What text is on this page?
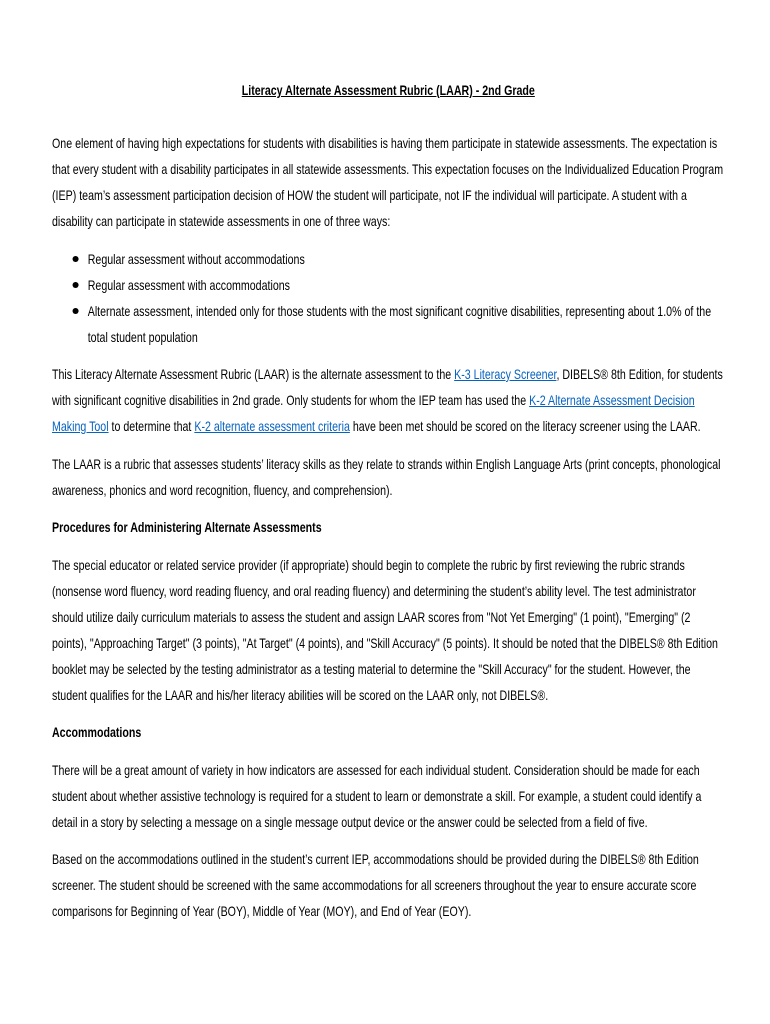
Literacy Alternate Assessment Rubric (LAAR) - 2nd Grade

One element of having high expectations for students with disabilities is having them participate in statewide assessments. The expectation is that every student with a disability participates in all statewide assessments. This expectation focuses on the Individualized Education Program (IEP) team’s assessment participation decision of HOW the student will participate, not IF the individual will participate. A student with a disability can participate in statewide assessments in one of three ways:

Regular assessment without accommodations
Regular assessment with accommodations
Alternate assessment, intended only for those students with the most significant cognitive disabilities, representing about 1.0% of the total student population

This Literacy Alternate Assessment Rubric (LAAR) is the alternate assessment to the K-3 Literacy Screener, DIBELS® 8th Edition, for students with significant cognitive disabilities in 2nd grade. Only students for whom the IEP team has used the K-2 Alternate Assessment Decision Making Tool to determine that K-2 alternate assessment criteria have been met should be scored on the literacy screener using the LAAR.

The LAAR is a rubric that assesses students’ literacy skills as they relate to strands within English Language Arts (print concepts, phonological awareness, phonics and word recognition, fluency, and comprehension).

Procedures for Administering Alternate Assessments

The special educator or related service provider (if appropriate) should begin to complete the rubric by first reviewing the rubric strands (nonsense word fluency, word reading fluency, and oral reading fluency) and determining the student’s ability level. The test administrator should utilize daily curriculum materials to assess the student and assign LAAR scores from "Not Yet Emerging" (1 point), "Emerging" (2 points), "Approaching Target" (3 points), "At Target" (4 points), and "Skill Accuracy" (5 points). It should be noted that the DIBELS® 8th Edition booklet may be selected by the testing administrator as a testing material to determine the "Skill Accuracy" for the student. However, the student qualifies for the LAAR and his/her literacy abilities will be scored on the LAAR only, not DIBELS®.

Accommodations

There will be a great amount of variety in how indicators are assessed for each individual student. Consideration should be made for each student about whether assistive technology is required for a student to learn or demonstrate a skill. For example, a student could identify a detail in a story by selecting a message on a single message output device or the answer could be selected from a field of five.

Based on the accommodations outlined in the student’s current IEP, accommodations should be provided during the DIBELS® 8th Edition screener. The student should be screened with the same accommodations for all screeners throughout the year to ensure accurate score comparisons for Beginning of Year (BOY), Middle of Year (MOY), and End of Year (EOY).
